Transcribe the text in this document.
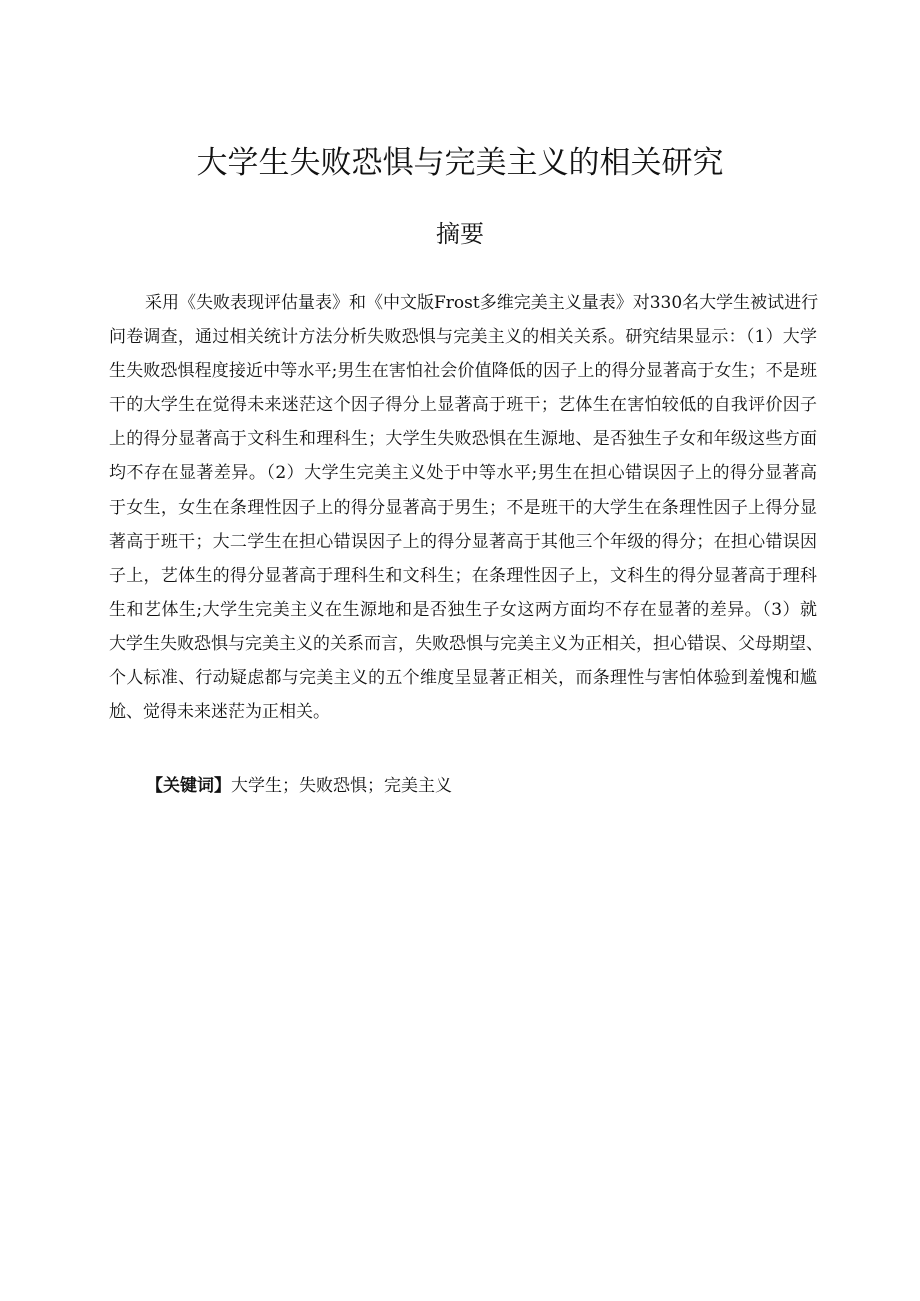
大学生失败恐惧与完美主义的相关研究
摘要
采用《失败表现评估量表》和《中文版Frost多维完美主义量表》对330名大学生被试进行
问卷调查，通过相关统计方法分析失败恐惧与完美主义的相关关系。研究结果显示：（1）大学
生失败恐惧程度接近中等水平;男生在害怕社会价值降低的因子上的得分显著高于女生；不是班
干的大学生在觉得未来迷茫这个因子得分上显著高于班干；艺体生在害怕较低的自我评价因子
上的得分显著高于文科生和理科生；大学生失败恐惧在生源地、是否独生子女和年级这些方面
均不存在显著差异。（2）大学生完美主义处于中等水平;男生在担心错误因子上的得分显著高
于女生，女生在条理性因子上的得分显著高于男生；不是班干的大学生在条理性因子上得分显
著高于班干；大二学生在担心错误因子上的得分显著高于其他三个年级的得分；在担心错误因
子上，艺体生的得分显著高于理科生和文科生；在条理性因子上，文科生的得分显著高于理科
生和艺体生;大学生完美主义在生源地和是否独生子女这两方面均不存在显著的差异。（3）就
大学生失败恐惧与完美主义的关系而言，失败恐惧与完美主义为正相关，担心错误、父母期望、
个人标准、行动疑虑都与完美主义的五个维度呈显著正相关，而条理性与害怕体验到羞愧和尴
尬、觉得未来迷茫为正相关。
【关键词】大学生；失败恐惧；完美主义
